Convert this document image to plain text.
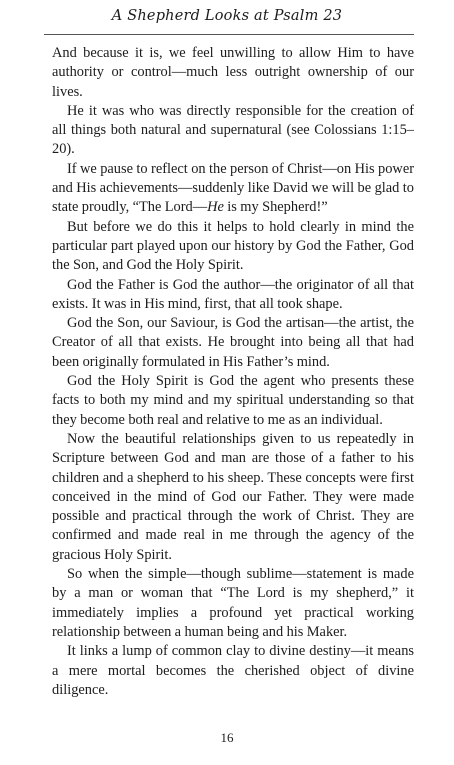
A Shepherd Looks at Psalm 23

And because it is, we feel unwilling to allow Him to have authority or control—much less outright ownership of our lives.

He it was who was directly responsible for the creation of all things both natural and supernatural (see Colossians 1:15–20).

If we pause to reflect on the person of Christ—on His power and His achievements—suddenly like David we will be glad to state proudly, “The Lord—He is my Shepherd!”

But before we do this it helps to hold clearly in mind the particular part played upon our history by God the Father, God the Son, and God the Holy Spirit.

God the Father is God the author—the originator of all that exists. It was in His mind, first, that all took shape.

God the Son, our Saviour, is God the artisan—the artist, the Creator of all that exists. He brought into being all that had been originally formulated in His Father’s mind.

God the Holy Spirit is God the agent who presents these facts to both my mind and my spiritual understanding so that they become both real and relative to me as an individual.

Now the beautiful relationships given to us repeatedly in Scripture between God and man are those of a father to his children and a shepherd to his sheep. These concepts were first conceived in the mind of God our Father. They were made possible and practical through the work of Christ. They are confirmed and made real in me through the agency of the gracious Holy Spirit.

So when the simple—though sublime—statement is made by a man or woman that “The Lord is my shepherd,” it immediately implies a profound yet practical working relationship between a human being and his Maker.

It links a lump of common clay to divine destiny—it means a mere mortal becomes the cherished object of divine diligence.

16
